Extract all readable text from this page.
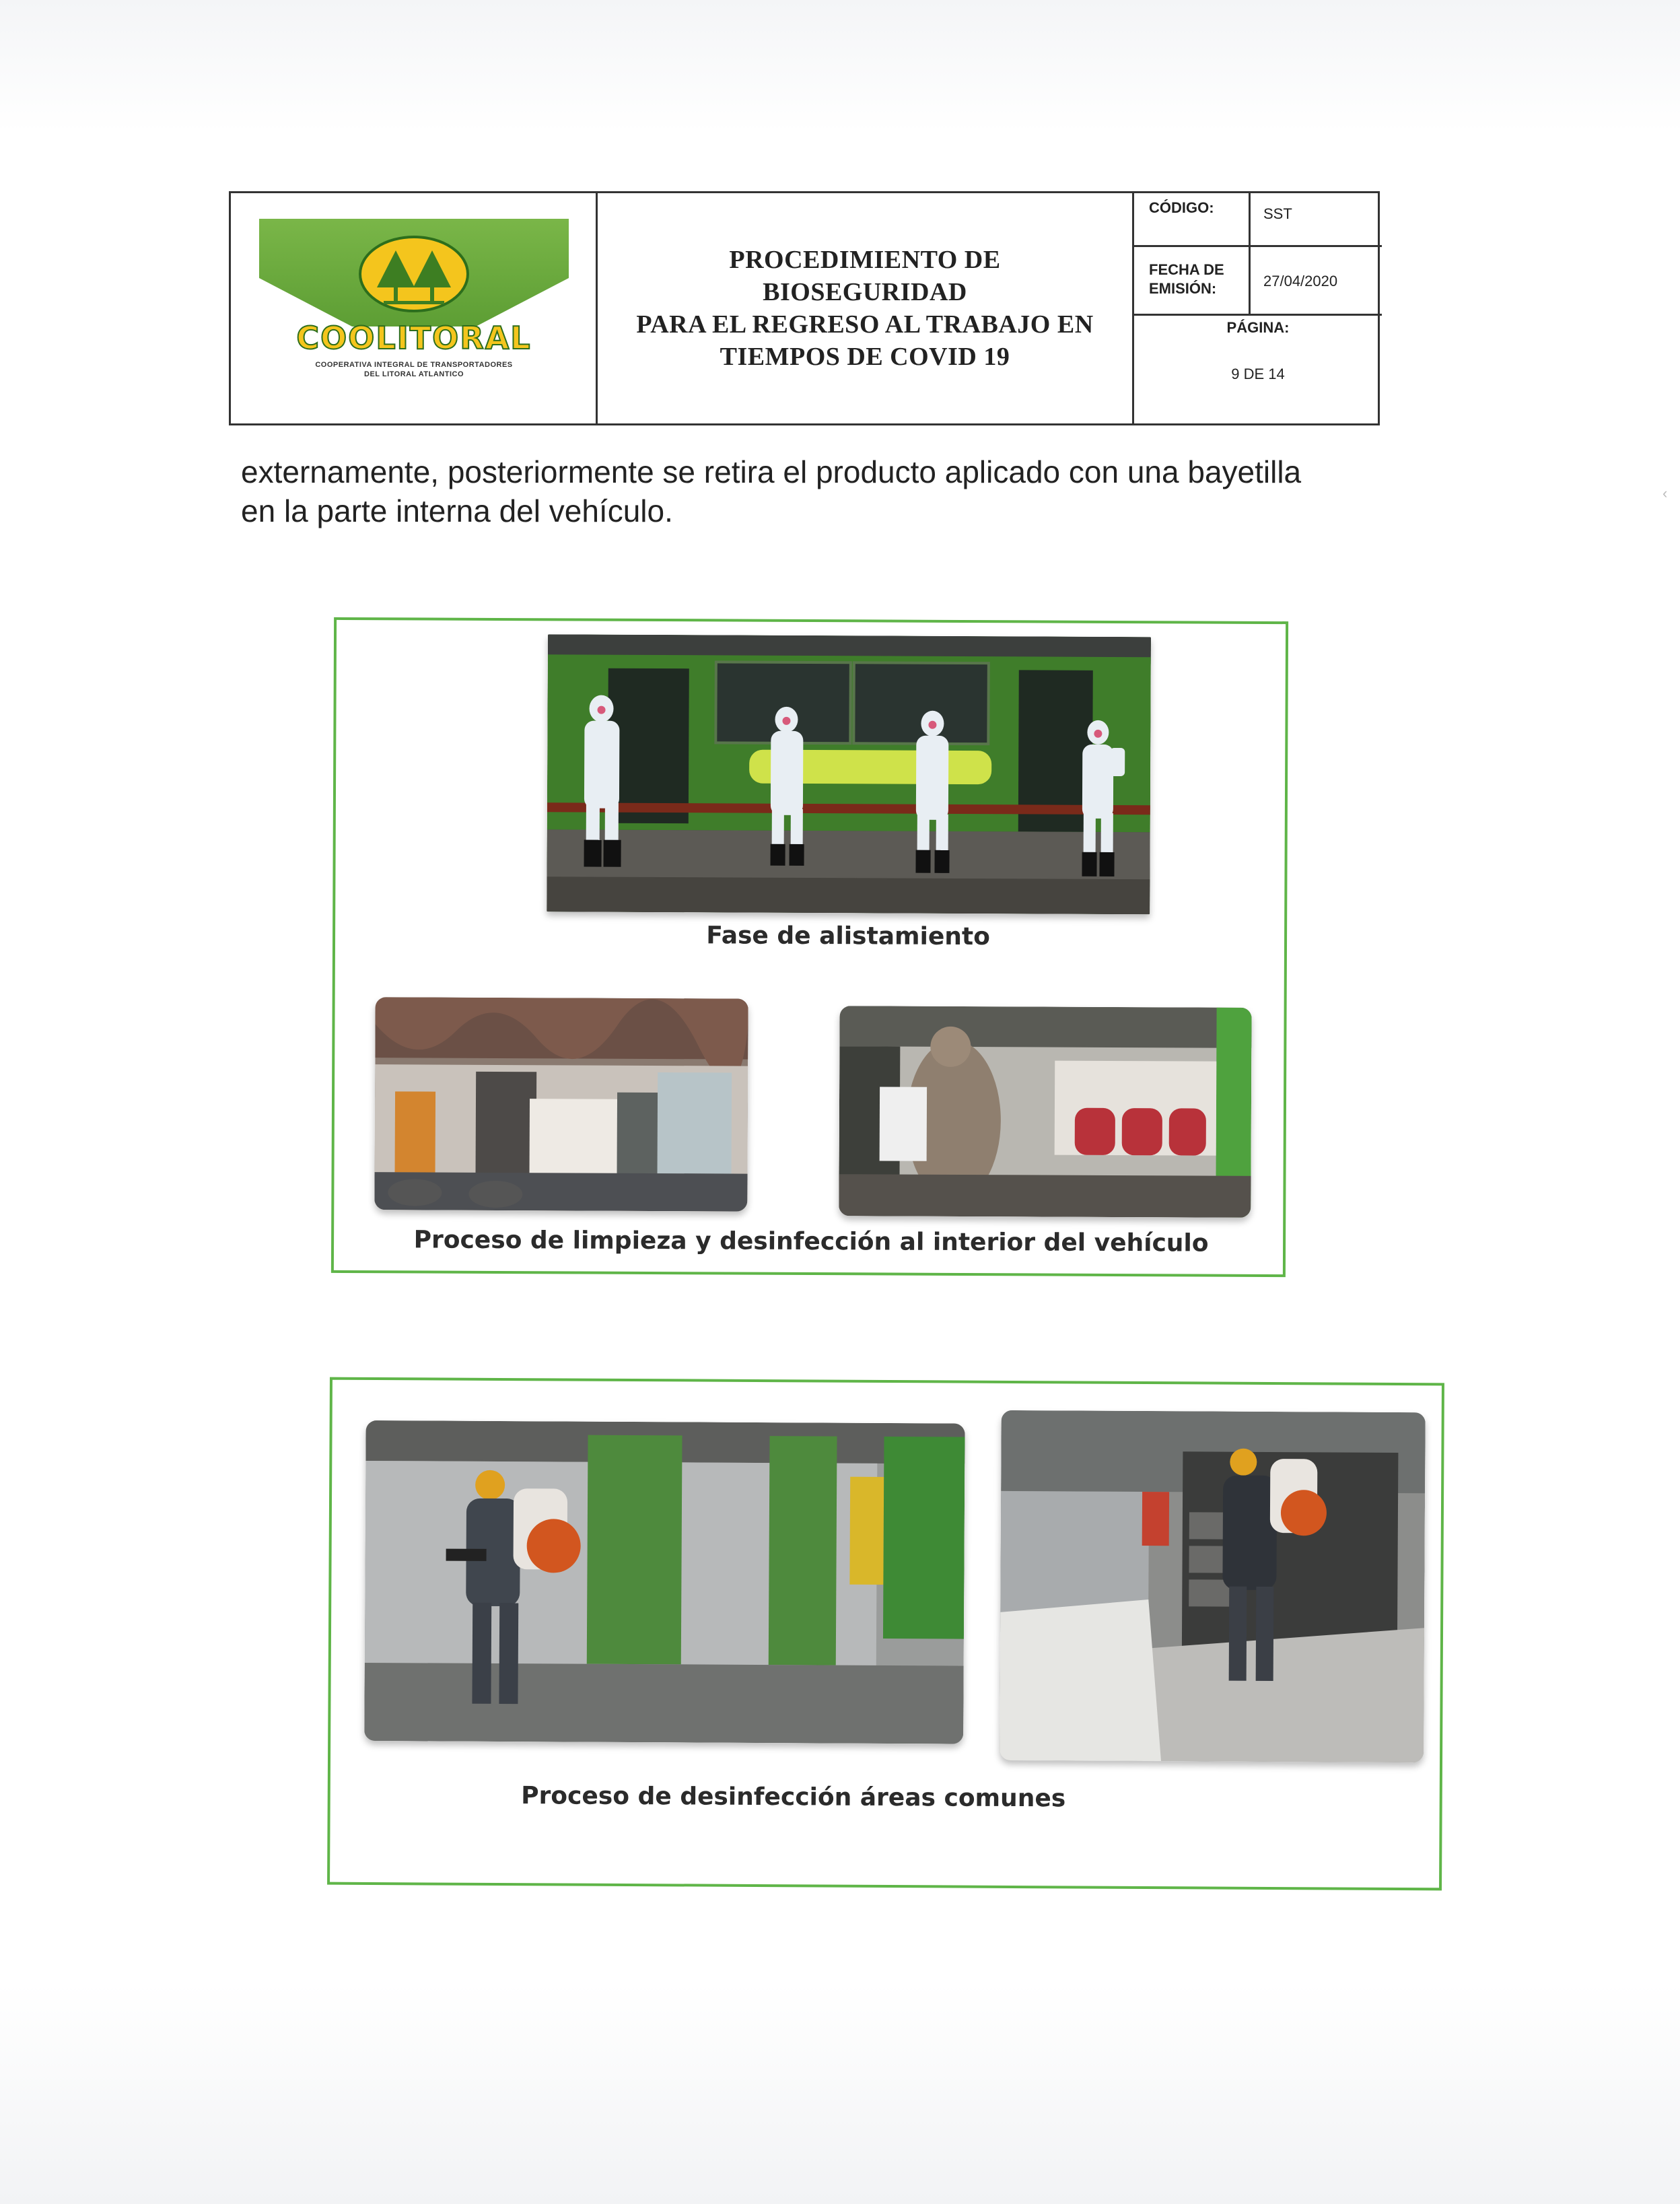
COOLITORAL
COOPERATIVA INTEGRAL DE TRANSPORTADORES
DEL LITORAL ATLANTICO
PROCEDIMIENTO DE BIOSEGURIDAD
PARA EL REGRESO AL TRABAJO EN
TIEMPOS DE COVID 19
CÓDIGO:	SST
FECHA DE
EMISIÓN:	27/04/2020
PÁGINA:
9 DE 14
externamente, posteriormente se retira el producto aplicado con una bayetilla
en la parte interna del vehículo.
Fase de alistamiento
Proceso de limpieza y desinfección al interior del vehículo
Proceso de desinfección áreas comunes
‹
